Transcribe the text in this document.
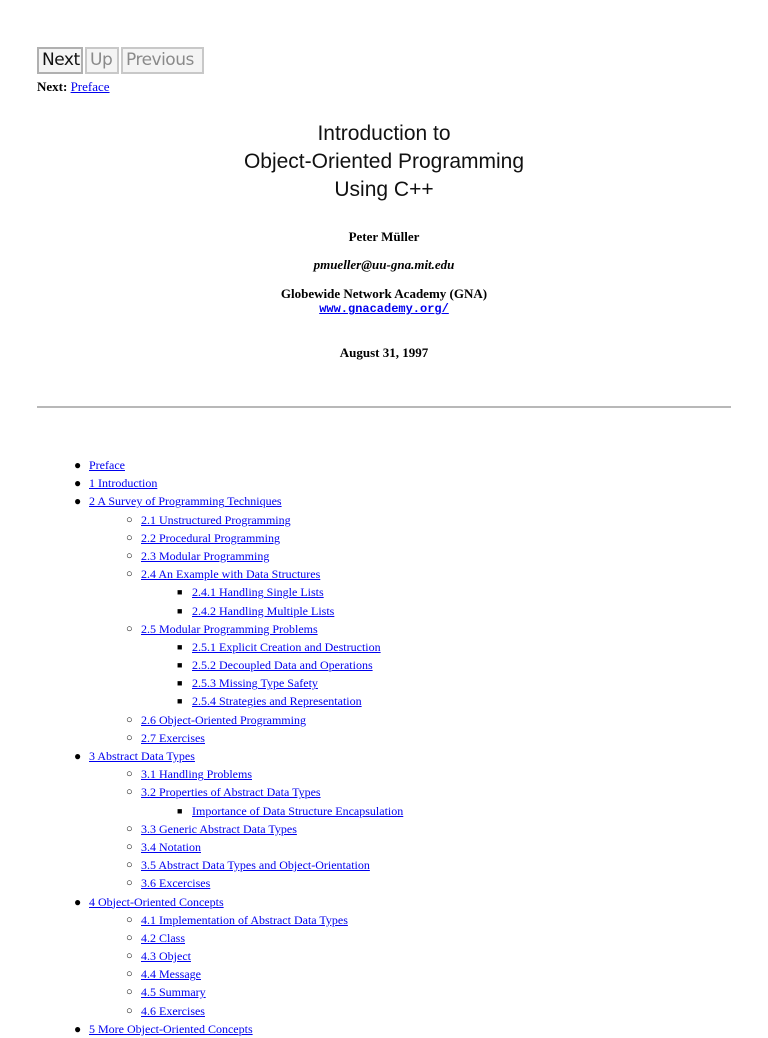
Next Up Previous
Next: Preface
Introduction to
Object-Oriented Programming
Using C++
Peter Müller
pmueller@uu-gna.mit.edu
Globewide Network Academy (GNA)
www.gnacademy.org/
August 31, 1997
● Preface
● 1 Introduction
● 2 A Survey of Programming Techniques
○ 2.1 Unstructured Programming
○ 2.2 Procedural Programming
○ 2.3 Modular Programming
○ 2.4 An Example with Data Structures
■ 2.4.1 Handling Single Lists
■ 2.4.2 Handling Multiple Lists
○ 2.5 Modular Programming Problems
■ 2.5.1 Explicit Creation and Destruction
■ 2.5.2 Decoupled Data and Operations
■ 2.5.3 Missing Type Safety
■ 2.5.4 Strategies and Representation
○ 2.6 Object-Oriented Programming
○ 2.7 Exercises
● 3 Abstract Data Types
○ 3.1 Handling Problems
○ 3.2 Properties of Abstract Data Types
■ Importance of Data Structure Encapsulation
○ 3.3 Generic Abstract Data Types
○ 3.4 Notation
○ 3.5 Abstract Data Types and Object-Orientation
○ 3.6 Excercises
● 4 Object-Oriented Concepts
○ 4.1 Implementation of Abstract Data Types
○ 4.2 Class
○ 4.3 Object
○ 4.4 Message
○ 4.5 Summary
○ 4.6 Exercises
● 5 More Object-Oriented Concepts
